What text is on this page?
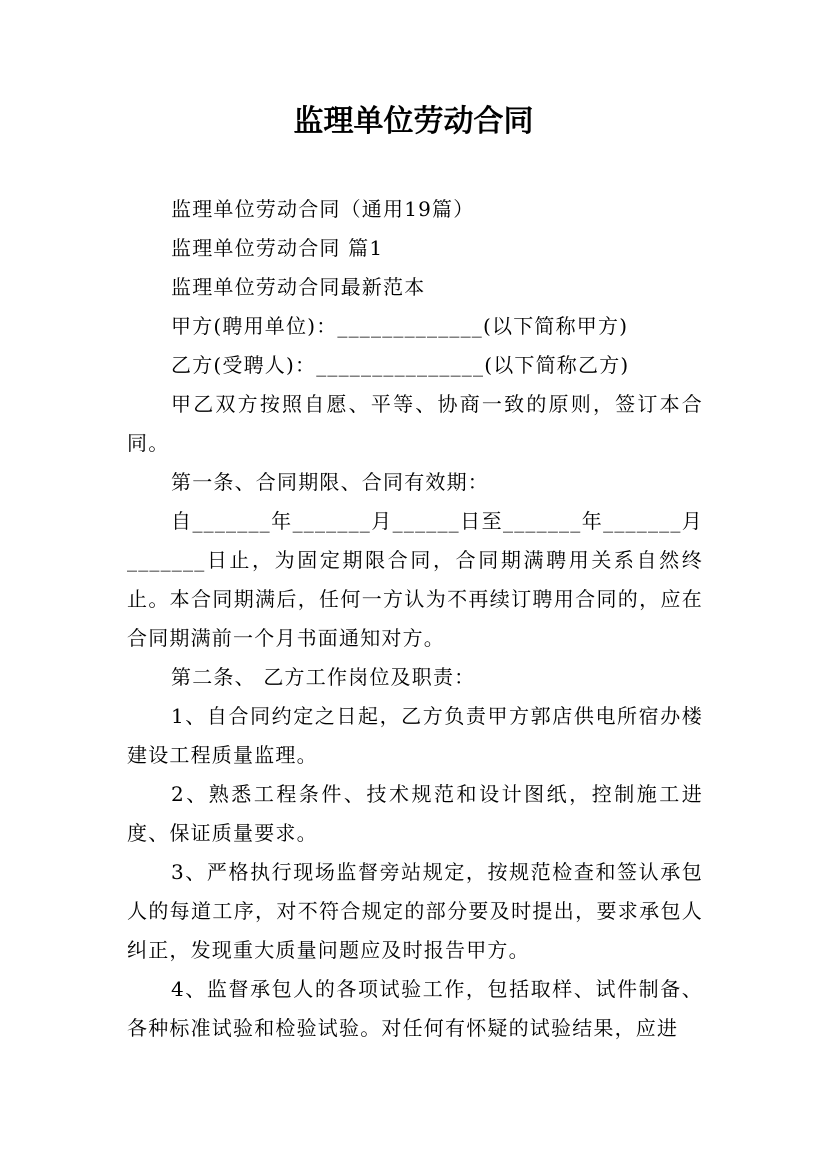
监理单位劳动合同

监理单位劳动合同（通用19篇）

监理单位劳动合同 篇1

监理单位劳动合同最新范本

甲方(聘用单位)：_____________(以下简称甲方)

乙方(受聘人)：_______________(以下简称乙方)

甲乙双方按照自愿、平等、协商一致的原则，签订本合同。

第一条、合同期限、合同有效期：

自_______年_______月______日至_______年_______月_______日止，为固定期限合同，合同期满聘用关系自然终止。本合同期满后，任何一方认为不再续订聘用合同的，应在合同期满前一个月书面通知对方。

第二条、 乙方工作岗位及职责：

1、自合同约定之日起，乙方负责甲方郭店供电所宿办楼建设工程质量监理。

2、熟悉工程条件、技术规范和设计图纸，控制施工进度、保证质量要求。

3、严格执行现场监督旁站规定，按规范检查和签认承包人的每道工序，对不符合规定的部分要及时提出，要求承包人纠正，发现重大质量问题应及时报告甲方。

4、监督承包人的各项试验工作，包括取样、试件制备、各种标准试验和检验试验。对任何有怀疑的试验结果，应进
